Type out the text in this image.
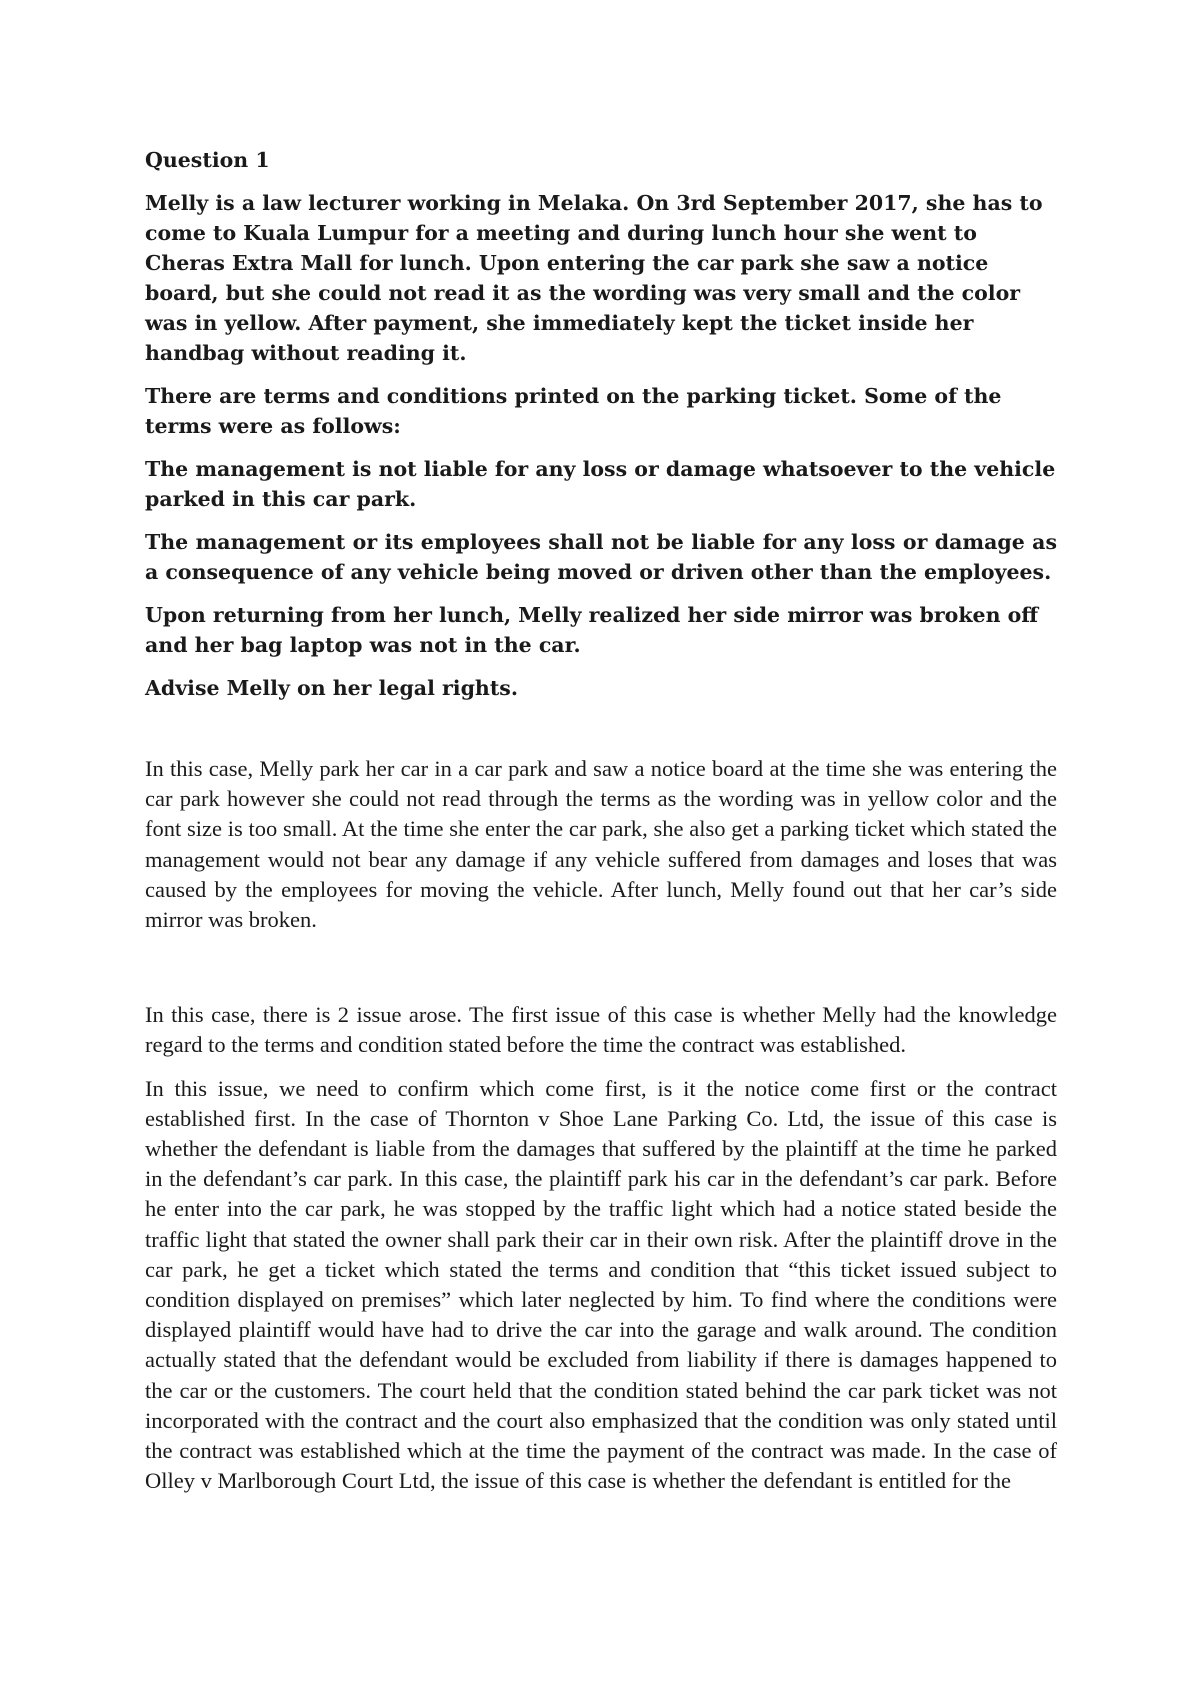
Question 1

Melly is a law lecturer working in Melaka. On 3rd September 2017, she has to come to Kuala Lumpur for a meeting and during lunch hour she went to Cheras Extra Mall for lunch. Upon entering the car park she saw a notice board, but she could not read it as the wording was very small and the color was in yellow. After payment, she immediately kept the ticket inside her handbag without reading it.

There are terms and conditions printed on the parking ticket. Some of the terms were as follows:

The management is not liable for any loss or damage whatsoever to the vehicle parked in this car park.

The management or its employees shall not be liable for any loss or damage as a consequence of any vehicle being moved or driven other than the employees.

Upon returning from her lunch, Melly realized her side mirror was broken off and her bag laptop was not in the car.

Advise Melly on her legal rights.

In this case, Melly park her car in a car park and saw a notice board at the time she was entering the car park however she could not read through the terms as the wording was in yellow color and the font size is too small. At the time she enter the car park, she also get a parking ticket which stated the management would not bear any damage if any vehicle suffered from damages and loses that was caused by the employees for moving the vehicle. After lunch, Melly found out that her car’s side mirror was broken.

In this case, there is 2 issue arose. The first issue of this case is whether Melly had the knowledge regard to the terms and condition stated before the time the contract was established.

In this issue, we need to confirm which come first, is it the notice come first or the contract established first. In the case of Thornton v Shoe Lane Parking Co. Ltd, the issue of this case is whether the defendant is liable from the damages that suffered by the plaintiff at the time he parked in the defendant’s car park. In this case, the plaintiff park his car in the defendant’s car park. Before he enter into the car park, he was stopped by the traffic light which had a notice stated beside the traffic light that stated the owner shall park their car in their own risk. After the plaintiff drove in the car park, he get a ticket which stated the terms and condition that “this ticket issued subject to condition displayed on premises” which later neglected by him. To find where the conditions were displayed plaintiff would have had to drive the car into the garage and walk around. The condition actually stated that the defendant would be excluded from liability if there is damages happened to the car or the customers. The court held that the condition stated behind the car park ticket was not incorporated with the contract and the court also emphasized that the condition was only stated until the contract was established which at the time the payment of the contract was made. In the case of Olley v Marlborough Court Ltd, the issue of this case is whether the defendant is entitled for the
